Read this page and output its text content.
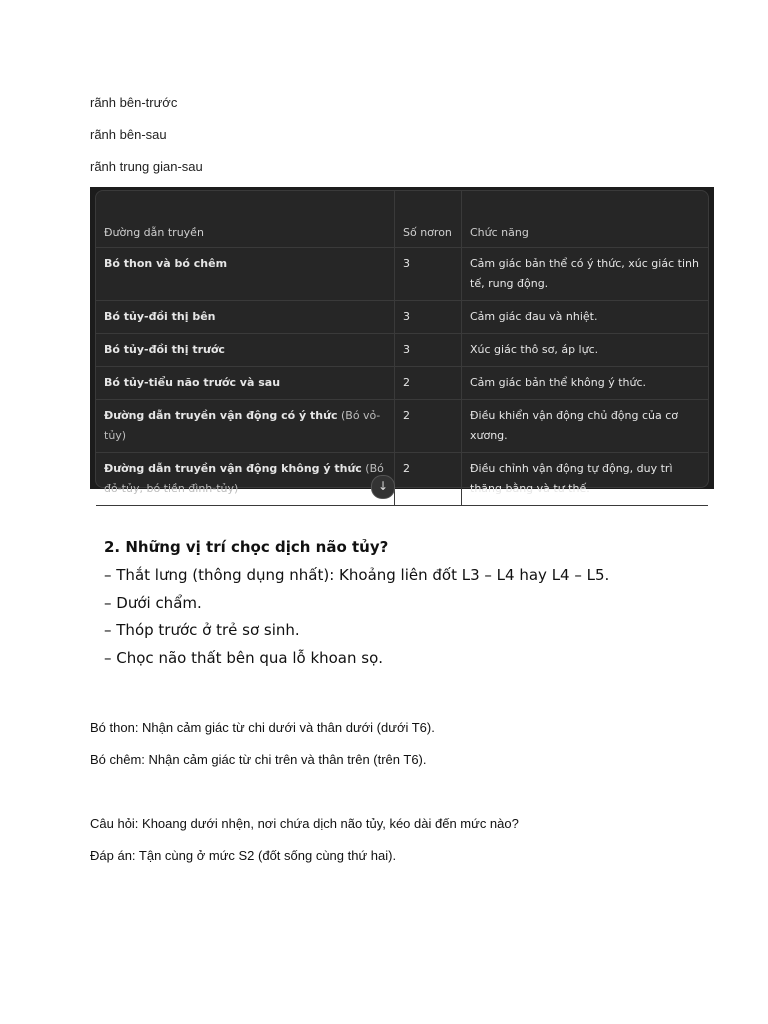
rãnh bên-trước
rãnh bên-sau
rãnh trung gian-sau
Đường dẫn truyền	Số nơron	Chức năng
Bó thon và bó chêm	3	Cảm giác bản thể có ý thức, xúc giác tinh tế, rung động.
Bó tủy-đồi thị bên	3	Cảm giác đau và nhiệt.
Bó tủy-đồi thị trước	3	Xúc giác thô sơ, áp lực.
Bó tủy-tiểu não trước và sau	2	Cảm giác bản thể không ý thức.
Đường dẫn truyền vận động có ý thức (Bó vỏ-tủy)	2	Điều khiển vận động chủ động của cơ xương.
Đường dẫn truyền vận động không ý thức (Bó đỏ-tủy, bó tiền đình-tủy)	2	Điều chỉnh vận động tự động, duy trì thăng bằng và tư thế.
↓
2. Những vị trí chọc dịch não tủy?
– Thắt lưng (thông dụng nhất): Khoảng liên đốt L3 – L4 hay L4 – L5.
– Dưới chẩm.
– Thóp trước ở trẻ sơ sinh.
– Chọc não thất bên qua lỗ khoan sọ.
Bó thon: Nhận cảm giác từ chi dưới và thân dưới (dưới T6).
Bó chêm: Nhận cảm giác từ chi trên và thân trên (trên T6).
Câu hỏi: Khoang dưới nhện, nơi chứa dịch não tủy, kéo dài đến mức nào?
Đáp án: Tận cùng ở mức S2 (đốt sống cùng thứ hai).
